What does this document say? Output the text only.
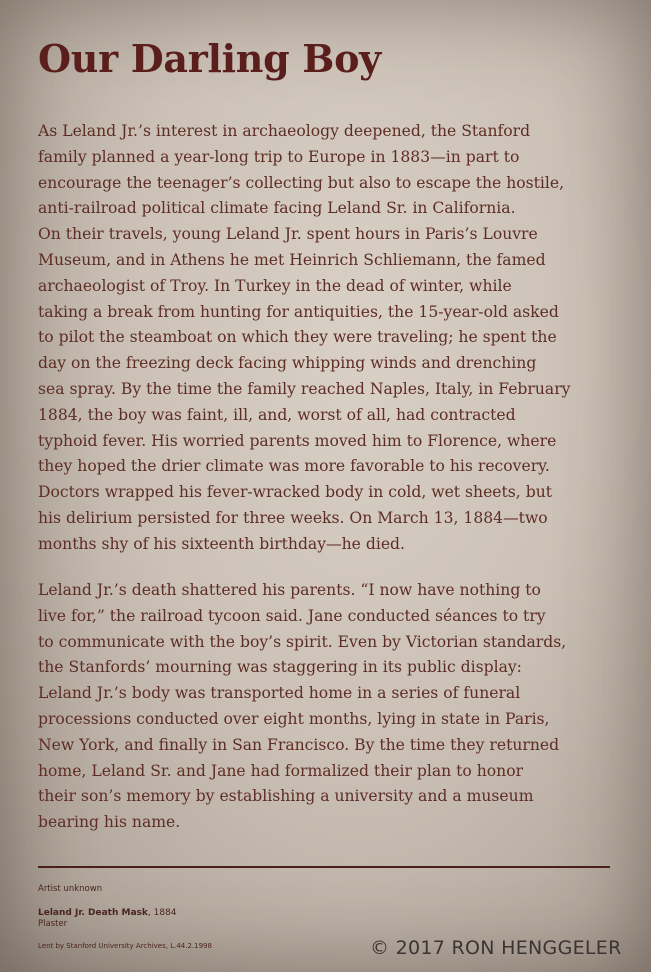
Our Darling Boy

As Leland Jr.’s interest in archaeology deepened, the Stanford
family planned a year-long trip to Europe in 1883—in part to
encourage the teenager’s collecting but also to escape the hostile,
anti-railroad political climate facing Leland Sr. in California.
On their travels, young Leland Jr. spent hours in Paris’s Louvre
Museum, and in Athens he met Heinrich Schliemann, the famed
archaeologist of Troy. In Turkey in the dead of winter, while
taking a break from hunting for antiquities, the 15-year-old asked
to pilot the steamboat on which they were traveling; he spent the
day on the freezing deck facing whipping winds and drenching
sea spray. By the time the family reached Naples, Italy, in February
1884, the boy was faint, ill, and, worst of all, had contracted
typhoid fever. His worried parents moved him to Florence, where
they hoped the drier climate was more favorable to his recovery.
Doctors wrapped his fever-wracked body in cold, wet sheets, but
his delirium persisted for three weeks. On March 13, 1884—two
months shy of his sixteenth birthday—he died.

Leland Jr.’s death shattered his parents. “I now have nothing to
live for,” the railroad tycoon said. Jane conducted séances to try
to communicate with the boy’s spirit. Even by Victorian standards,
the Stanfords’ mourning was staggering in its public display:
Leland Jr.’s body was transported home in a series of funeral
processions conducted over eight months, lying in state in Paris,
New York, and finally in San Francisco. By the time they returned
home, Leland Sr. and Jane had formalized their plan to honor
their son’s memory by establishing a university and a museum
bearing his name.

Artist unknown
Leland Jr. Death Mask, 1884
Plaster
Lent by Stanford University Archives, L.44.2.1998	© 2017 RON HENGGELER
